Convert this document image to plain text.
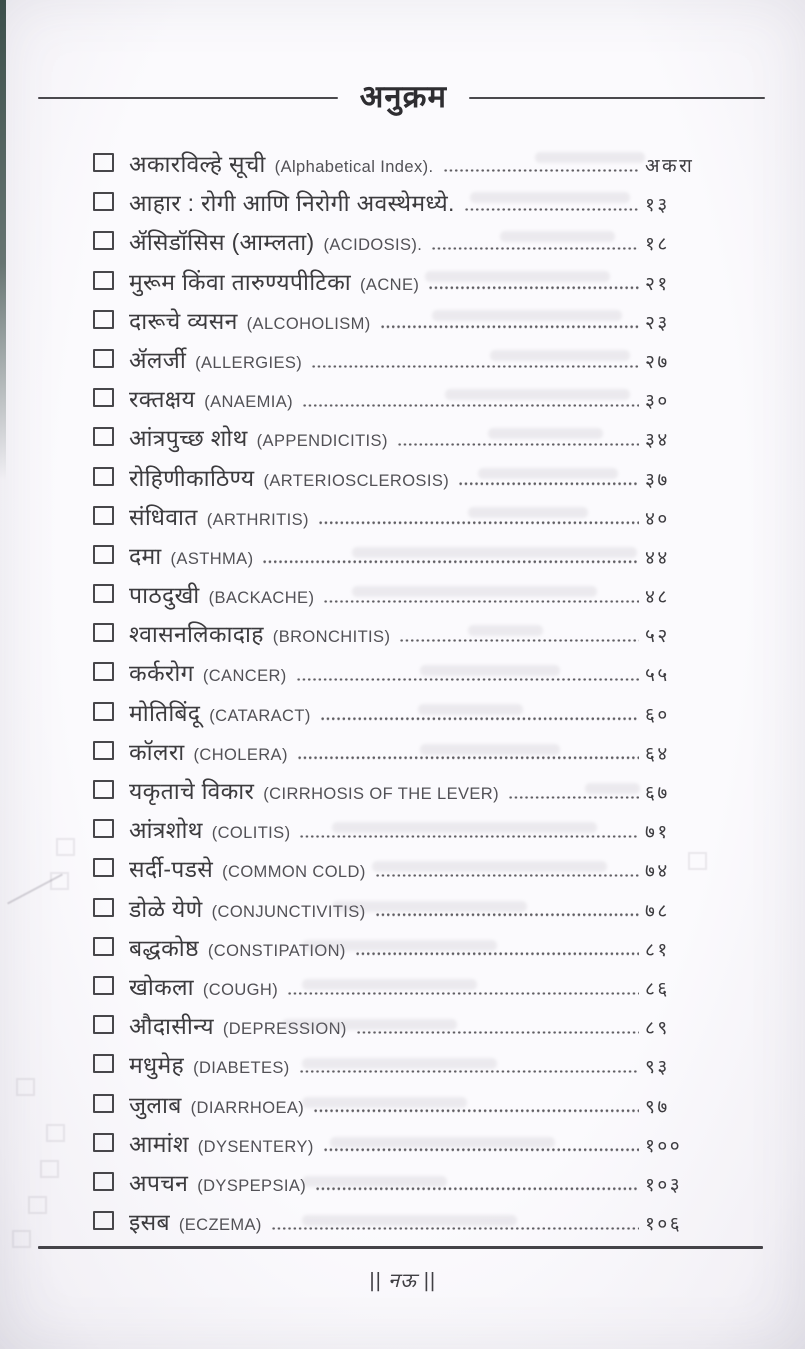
अनुक्रम
अकारविल्हे सूची (Alphabetical Index).	अकरा
आहार : रोगी आणि निरोगी अवस्थेमध्ये.	१३
ॲसिडॉसिस (आम्लता) (ACIDOSIS).	१८
मुरूम किंवा तारुण्यपीटिका (ACNE)	२१
दारूचे व्यसन (ALCOHOLISM)	२३
ॲलर्जी (ALLERGIES)	२७
रक्तक्षय (ANAEMIA)	३०
आंत्रपुच्छ शोथ (APPENDICITIS)	३४
रोहिणीकाठिण्य (ARTERIOSCLEROSIS)	३७
संधिवात (ARTHRITIS)	४०
दमा (ASTHMA)	४४
पाठदुखी (BACKACHE)	४८
श्वासनलिकादाह (BRONCHITIS)	५२
कर्करोग (CANCER)	५५
मोतिबिंदू (CATARACT)	६०
कॉलरा (CHOLERA)	६४
यकृताचे विकार (CIRRHOSIS OF THE LEVER)	६७
आंत्रशोथ (COLITIS)	७१
सर्दी-पडसे (COMMON COLD)	७४
डोळे येणे (CONJUNCTIVITIS)	७८
बद्धकोष्ठ (CONSTIPATION)	८१
खोकला (COUGH)	८६
औदासीन्य (DEPRESSION)	८९
मधुमेह (DIABETES)	९३
जुलाब (DIARRHOEA)	९७
आमांश (DYSENTERY)	१००
अपचन (DYSPEPSIA)	१०३
इसब (ECZEMA)	१०६
|| नऊ ||
